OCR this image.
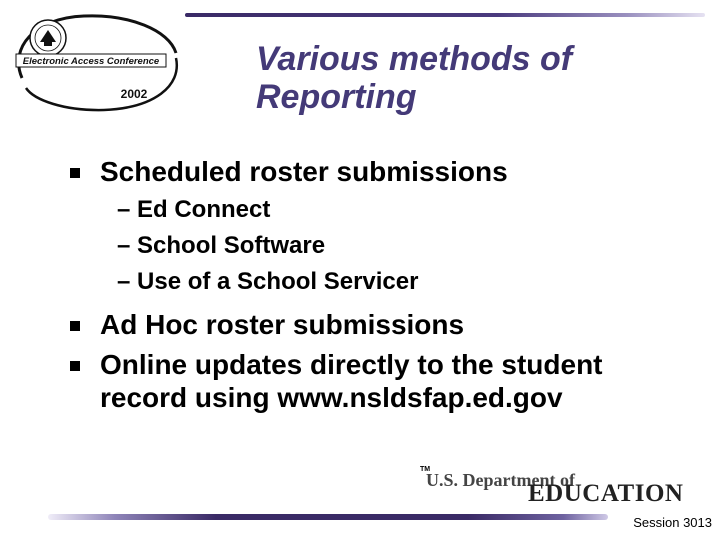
Electronic Access Conference
2002
Various methods of
Reporting
Scheduled roster submissions
– Ed Connect
– School Software
– Use of a School Servicer
Ad Hoc roster submissions
Online updates directly to the student record using www.nsldsfap.ed.gov
TM
U.S. Department of
EDUCATION
Session 3013
